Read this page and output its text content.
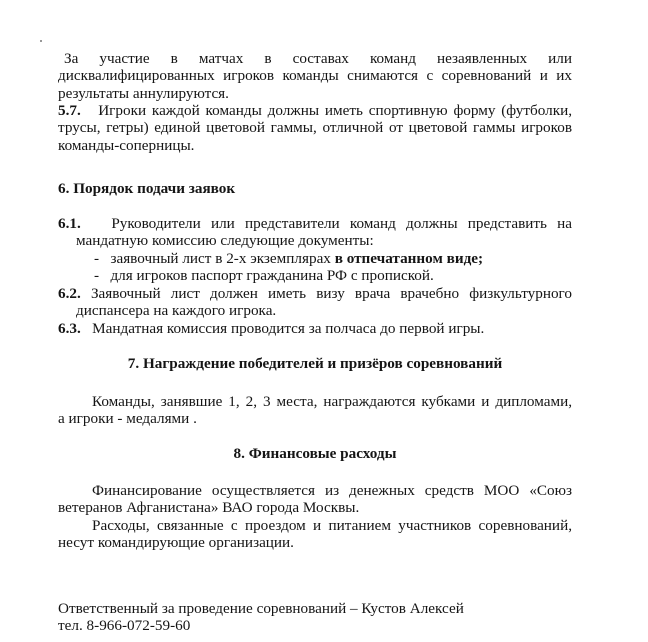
За участие в матчах в составах команд незаявленных или
дисквалифицированных игроков команды снимаются с соревнований и их
результаты аннулируются.
5.7. Игроки каждой команды должны иметь спортивную форму (футболки,
трусы, гетры) единой цветовой гаммы, отличной от цветовой гаммы игроков
команды-соперницы.
6. Порядок подачи заявок
6.1. Руководители или представители команд должны представить на
мандатную комиссию следующие документы:
-   заявочный лист в 2-х экземплярах в отпечатанном виде;
-   для игроков паспорт гражданина РФ с пропиской.
6.2. Заявочный лист должен иметь визу врача врачебно физкультурного
диспансера на каждого игрока.
6.3. Мандатная комиссия проводится за полчаса до первой игры.
7. Награждение победителей и призёров соревнований
Команды, занявшие 1, 2, 3 места, награждаются кубками и дипломами,
а игроки - медалями .
8. Финансовые расходы
Финансирование осуществляется из денежных средств МОО «Союз
ветеранов Афганистана» ВАО города Москвы.
Расходы, связанные с проездом и питанием участников соревнований,
несут командирующие организации.
Ответственный за проведение соревнований – Кустов Алексей
тел. 8-966-072-59-60
